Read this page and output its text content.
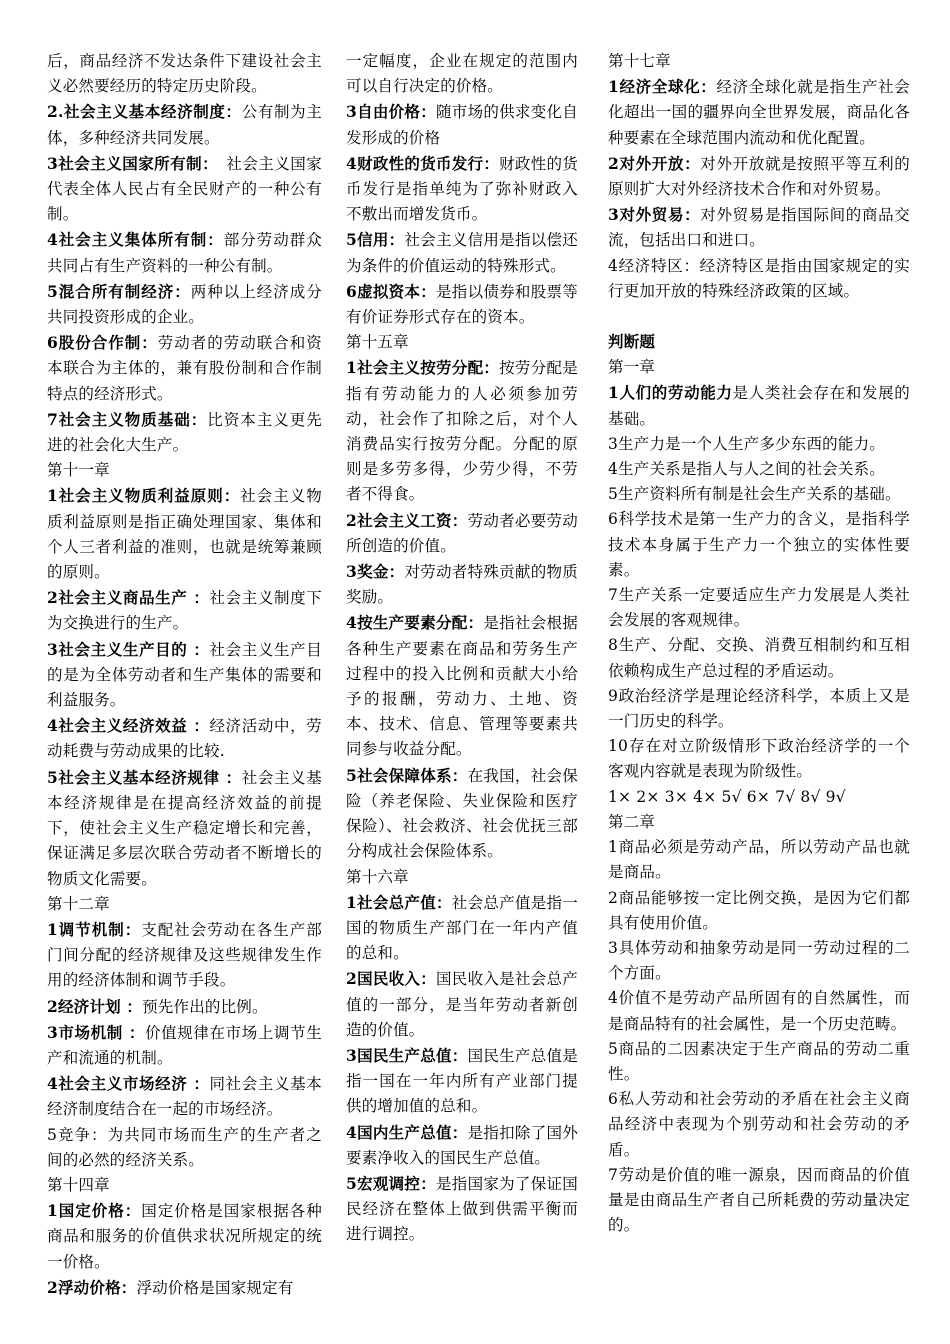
后，商品经济不发达条件下建设社会主义必然要经历的特定历史阶段。

2.社会主义基本经济制度：公有制为主体，多种经济共同发展。

3社会主义国家所有制：　社会主义国家代表全体人民占有全民财产的一种公有制。

4社会主义集体所有制：部分劳动群众共同占有生产资料的一种公有制。

5混合所有制经济：两种以上经济成分共同投资形成的企业。

6股份合作制：劳动者的劳动联合和资本联合为主体的，兼有股份制和合作制特点的经济形式。

7社会主义物质基础：比资本主义更先进的社会化大生产。

第十一章

1社会主义物质利益原则：社会主义物质利益原则是指正确处理国家、集体和个人三者利益的准则，也就是统筹兼顾的原则。

2社会主义商品生产 ：社会主义制度下为交换进行的生产。

3社会主义生产目的 ：社会主义生产目的是为全体劳动者和生产集体的需要和利益服务。

4社会主义经济效益 ：经济活动中，劳动耗费与劳动成果的比较.

5社会主义基本经济规律 ：社会主义基本经济规律是在提高经济效益的前提下，使社会主义生产稳定增长和完善，保证满足多层次联合劳动者不断增长的物质文化需要。

第十二章

1调节机制：支配社会劳动在各生产部门间分配的经济规律及这些规律发生作用的经济体制和调节手段。

2经济计划 ：预先作出的比例。

3市场机制 ：价值规律在市场上调节生产和流通的机制。

4社会主义市场经济 ：同社会主义基本经济制度结合在一起的市场经济。

5竞争：为共同市场而生产的生产者之间的必然的经济关系。

第十四章

1国定价格：国定价格是国家根据各种商品和服务的价值供求状况所规定的统一价格。

2浮动价格：浮动价格是国家规定有

一定幅度，企业在规定的范围内可以自行决定的价格。

3自由价格：随市场的供求变化自发形成的价格

4财政性的货币发行：财政性的货币发行是指单纯为了弥补财政入不敷出而增发货币。

5信用：社会主义信用是指以偿还为条件的价值运动的特殊形式。

6虚拟资本：是指以债券和股票等有价证券形式存在的资本。

第十五章

1社会主义按劳分配：按劳分配是指有劳动能力的人必须参加劳动，社会作了扣除之后，对个人消费品实行按劳分配。分配的原则是多劳多得，少劳少得，不劳者不得食。

2社会主义工资：劳动者必要劳动所创造的价值。

3奖金：对劳动者特殊贡献的物质奖励。

4按生产要素分配：是指社会根据各种生产要素在商品和劳务生产过程中的投入比例和贡献大小给予的报酬，劳动力、土地、资本、技术、信息、管理等要素共同参与收益分配。

5社会保障体系：在我国，社会保险（养老保险、失业保险和医疗保险）、社会救济、社会优抚三部分构成社会保险体系。

第十六章

1社会总产值：社会总产值是指一国的物质生产部门在一年内产值的总和。

2国民收入：国民收入是社会总产值的一部分，是当年劳动者新创造的价值。

3国民生产总值：国民生产总值是指一国在一年内所有产业部门提供的增加值的总和。

4国内生产总值：是指扣除了国外要素净收入的国民生产总值。

5宏观调控：是指国家为了保证国民经济在整体上做到供需平衡而进行调控。

第十七章

1经济全球化：经济全球化就是指生产社会化超出一国的疆界向全世界发展，商品化各种要素在全球范围内流动和优化配置。

2对外开放：对外开放就是按照平等互利的原则扩大对外经济技术合作和对外贸易。

3对外贸易：对外贸易是指国际间的商品交流，包括出口和进口。

4经济特区：经济特区是指由国家规定的实行更加开放的特殊经济政策的区域。

判断题

第一章

1人们的劳动能力是人类社会存在和发展的基础。

3生产力是一个人生产多少东西的能力。

4生产关系是指人与人之间的社会关系。

5生产资料所有制是社会生产关系的基础。

6科学技术是第一生产力的含义，是指科学技术本身属于生产力一个独立的实体性要素。

7生产关系一定要适应生产力发展是人类社会发展的客观规律。

8生产、分配、交换、消费互相制约和互相依赖构成生产总过程的矛盾运动。

9政治经济学是理论经济科学，本质上又是一门历史的科学。

10存在对立阶级情形下政治经济学的一个客观内容就是表现为阶级性。

1× 2× 3× 4× 5√ 6× 7√ 8√ 9√

第二章

1商品必须是劳动产品，所以劳动产品也就是商品。

2商品能够按一定比例交换，是因为它们都具有使用价值。

3具体劳动和抽象劳动是同一劳动过程的二个方面。

4价值不是劳动产品所固有的自然属性，而是商品特有的社会属性，是一个历史范畴。

5商品的二因素决定于生产商品的劳动二重性。

6私人劳动和社会劳动的矛盾在社会主义商品经济中表现为个别劳动和社会劳动的矛盾。

7劳动是价值的唯一源泉，因而商品的价值量是由商品生产者自己所耗费的劳动量决定的。
